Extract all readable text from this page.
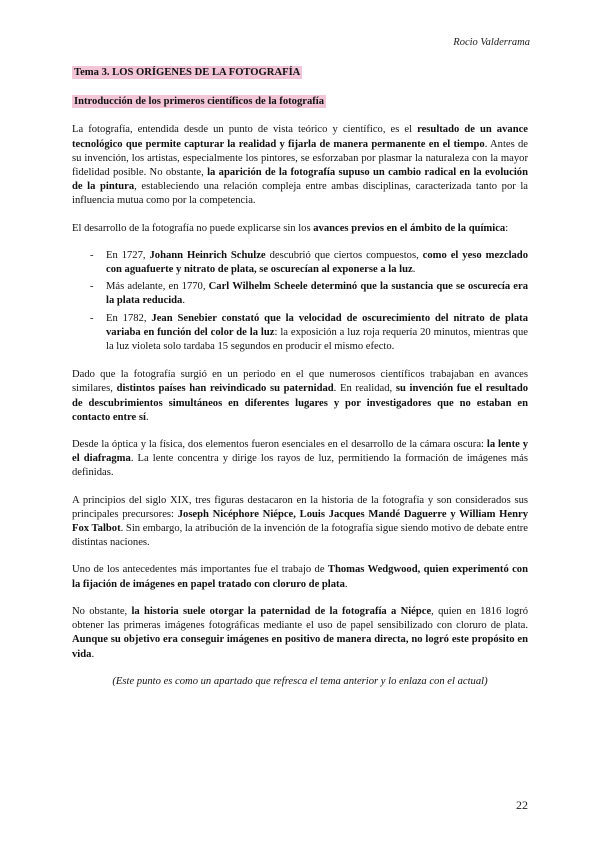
Rocio Valderrama
Tema 3. LOS ORÍGENES DE LA FOTOGRAFÍA
Introducción de los primeros científicos de la fotografía

La fotografía, entendida desde un punto de vista teórico y científico, es el resultado de un avance tecnológico que permite capturar la realidad y fijarla de manera permanente en el tiempo. Antes de su invención, los artistas, especialmente los pintores, se esforzaban por plasmar la naturaleza con la mayor fidelidad posible. No obstante, la aparición de la fotografía supuso un cambio radical en la evolución de la pintura, estableciendo una relación compleja entre ambas disciplinas, caracterizada tanto por la influencia mutua como por la competencia.

El desarrollo de la fotografía no puede explicarse sin los avances previos en el ámbito de la química:

- En 1727, Johann Heinrich Schulze descubrió que ciertos compuestos, como el yeso mezclado con aguafuerte y nitrato de plata, se oscurecían al exponerse a la luz.
- Más adelante, en 1770, Carl Wilhelm Scheele determinó que la sustancia que se oscurecía era la plata reducida.
- En 1782, Jean Senebier constató que la velocidad de oscurecimiento del nitrato de plata variaba en función del color de la luz: la exposición a luz roja requería 20 minutos, mientras que la luz violeta solo tardaba 15 segundos en producir el mismo efecto.

Dado que la fotografía surgió en un periodo en el que numerosos científicos trabajaban en avances similares, distintos países han reivindicado su paternidad. En realidad, su invención fue el resultado de descubrimientos simultáneos en diferentes lugares y por investigadores que no estaban en contacto entre sí.

Desde la óptica y la física, dos elementos fueron esenciales en el desarrollo de la cámara oscura: la lente y el diafragma. La lente concentra y dirige los rayos de luz, permitiendo la formación de imágenes más definidas.

A principios del siglo XIX, tres figuras destacaron en la historia de la fotografía y son considerados sus principales precursores: Joseph Nicéphore Niépce, Louis Jacques Mandé Daguerre y William Henry Fox Talbot. Sin embargo, la atribución de la invención de la fotografía sigue siendo motivo de debate entre distintas naciones.

Uno de los antecedentes más importantes fue el trabajo de Thomas Wedgwood, quien experimentó con la fijación de imágenes en papel tratado con cloruro de plata.

No obstante, la historia suele otorgar la paternidad de la fotografía a Niépce, quien en 1816 logró obtener las primeras imágenes fotográficas mediante el uso de papel sensibilizado con cloruro de plata. Aunque su objetivo era conseguir imágenes en positivo de manera directa, no logró este propósito en vida.

(Este punto es como un apartado que refresca el tema anterior y lo enlaza con el actual)
22
